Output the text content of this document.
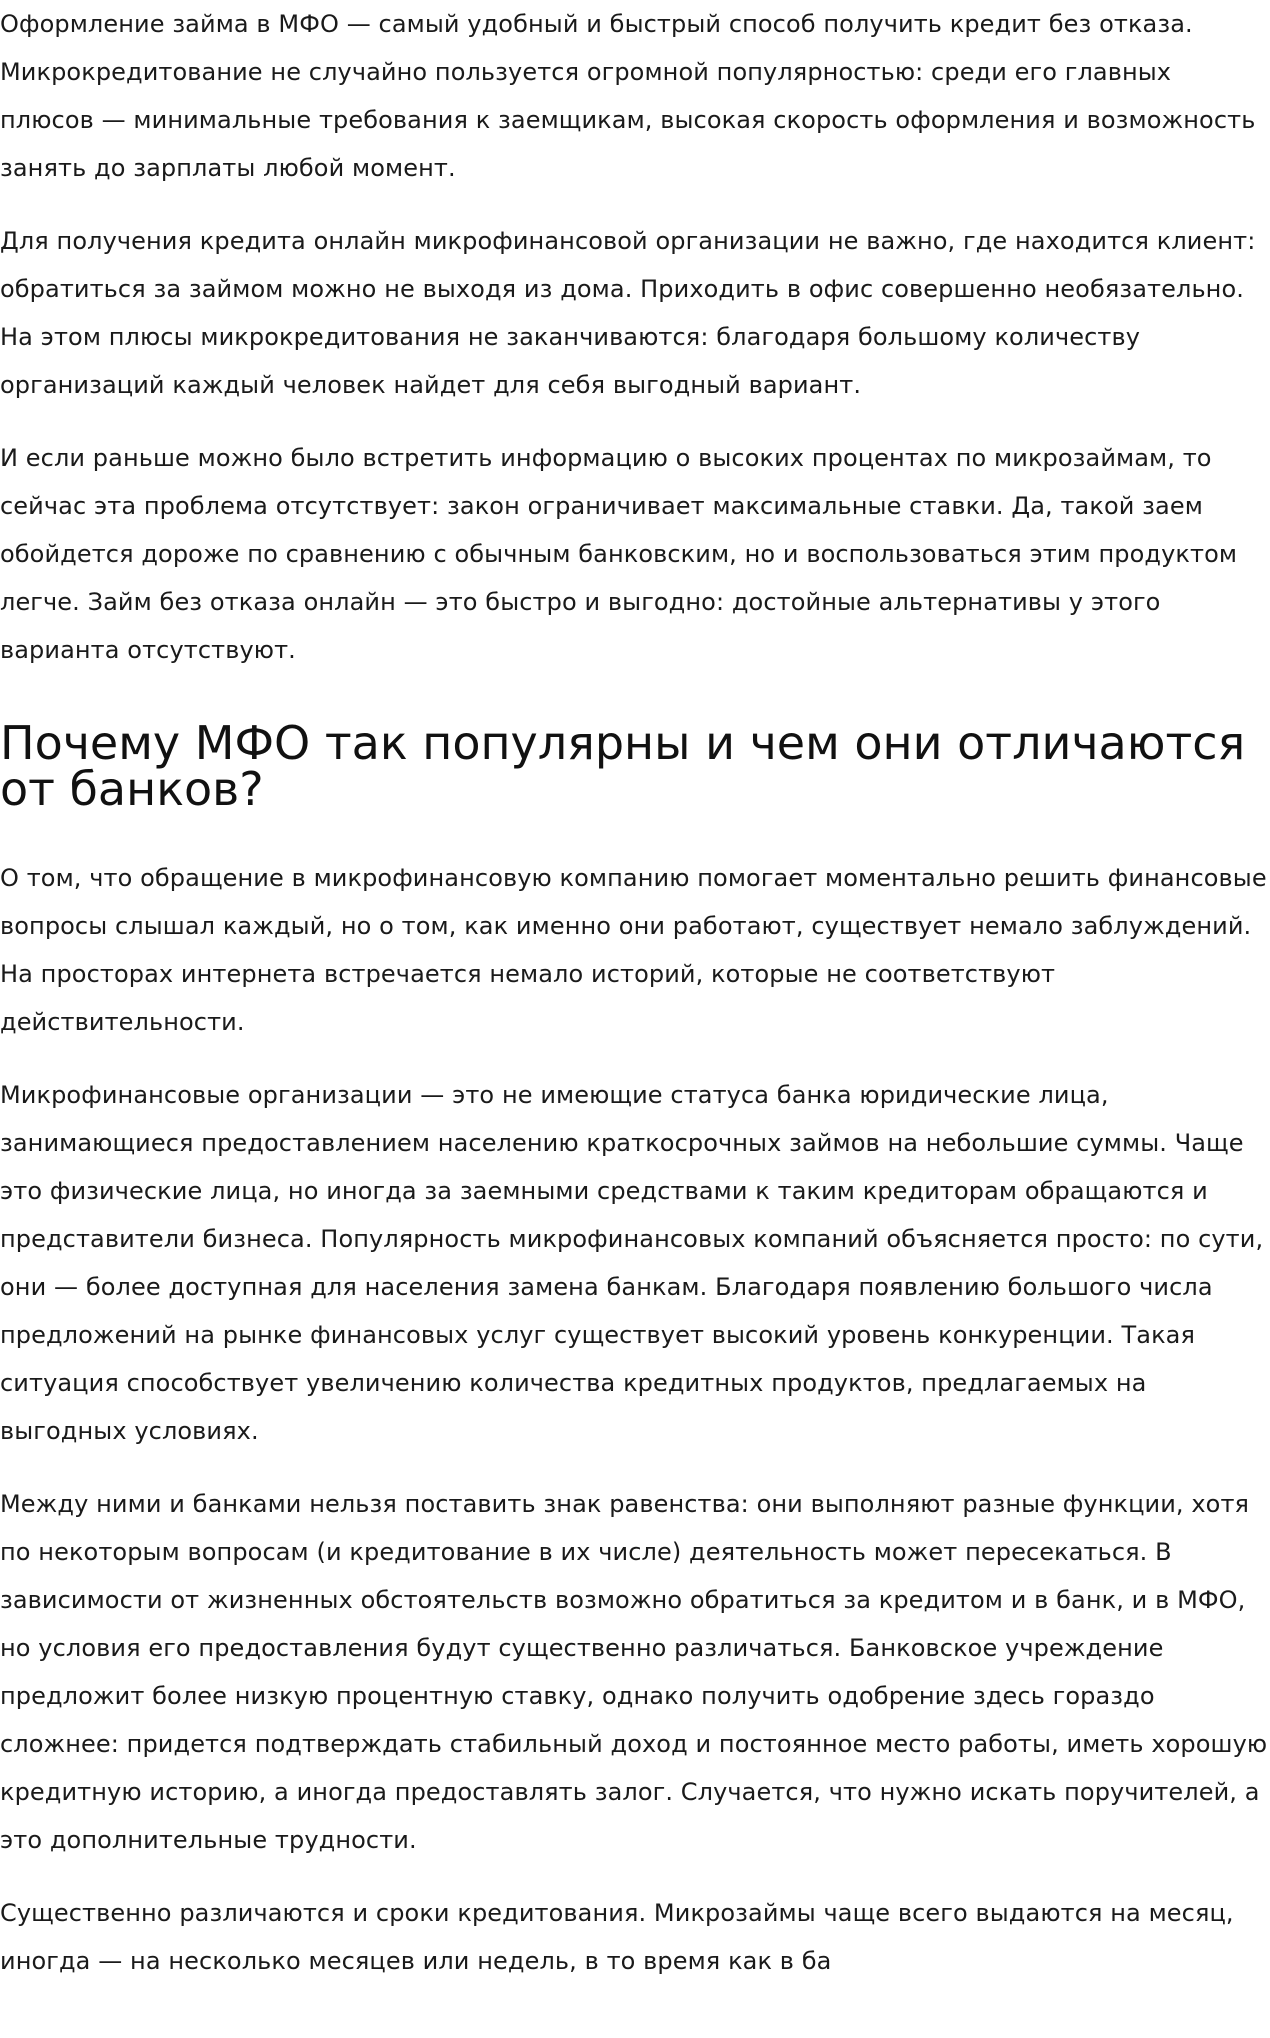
Оформление займа в МФО — самый удобный и быстрый способ получить кредит без отказа. Микрокредитование не случайно пользуется огромной популярностью: среди его главных плюсов — минимальные требования к заемщикам, высокая скорость оформления и возможность занять до зарплаты любой момент.

Для получения кредита онлайн микрофинансовой организации не важно, где находится клиент: обратиться за займом можно не выходя из дома. Приходить в офис совершенно необязательно. На этом плюсы микрокредитования не заканчиваются: благодаря большому количеству организаций каждый человек найдет для себя выгодный вариант.

И если раньше можно было встретить информацию о высоких процентах по микрозаймам, то сейчас эта проблема отсутствует: закон ограничивает максимальные ставки. Да, такой заем обойдется дороже по сравнению с обычным банковским, но и воспользоваться этим продуктом легче. Займ без отказа онлайн — это быстро и выгодно: достойные альтернативы у этого варианта отсутствуют.

Почему МФО так популярны и чем они отличаются от банков?

О том, что обращение в микрофинансовую компанию помогает моментально решить финансовые вопросы слышал каждый, но о том, как именно они работают, существует немало заблуждений. На просторах интернета встречается немало историй, которые не соответствуют действительности.

Микрофинансовые организации — это не имеющие статуса банка юридические лица, занимающиеся предоставлением населению краткосрочных займов на небольшие суммы. Чаще это физические лица, но иногда за заемными средствами к таким кредиторам обращаются и представители бизнеса. Популярность микрофинансовых компаний объясняется просто: по сути, они — более доступная для населения замена банкам. Благодаря появлению большого числа предложений на рынке финансовых услуг существует высокий уровень конкуренции. Такая ситуация способствует увеличению количества кредитных продуктов, предлагаемых на выгодных условиях.

Между ними и банками нельзя поставить знак равенства: они выполняют разные функции, хотя по некоторым вопросам (и кредитование в их числе) деятельность может пересекаться. В зависимости от жизненных обстоятельств возможно обратиться за кредитом и в банк, и в МФО, но условия его предоставления будут существенно различаться. Банковское учреждение предложит более низкую процентную ставку, однако получить одобрение здесь гораздо сложнее: придется подтверждать стабильный доход и постоянное место работы, иметь хорошую кредитную историю, а иногда предоставлять залог. Случается, что нужно искать поручителей, а это дополнительные трудности.

Существенно различаются и сроки кредитования. Микрозаймы чаще всего выдаются на месяц, иногда — на несколько месяцев или недель, в то время как в ба
